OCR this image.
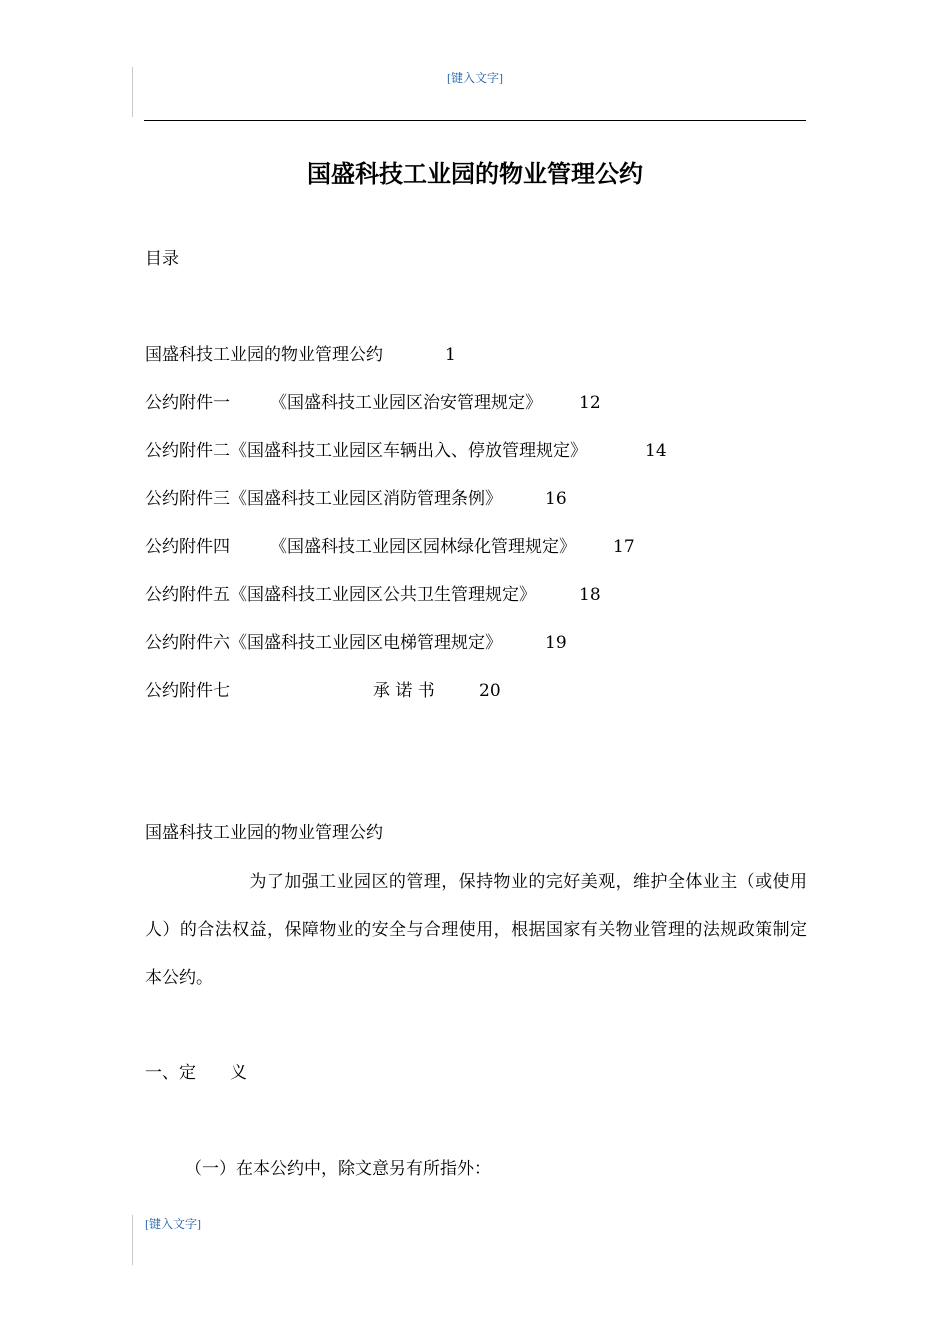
[键入文字]
国盛科技工业园的物业管理公约
目录
国盛科技工业园的物业管理公约	1
公约附件一 《国盛科技工业园区治安管理规定》 12
公约附件二《国盛科技工业园区车辆出入、停放管理规定》	14
公约附件三《国盛科技工业园区消防管理条例》	16
公约附件四 《国盛科技工业园区园林绿化管理规定》 17
公约附件五《国盛科技工业园区公共卫生管理规定》	18
公约附件六《国盛科技工业园区电梯管理规定》	19
公约附件七	承 诺 书	20
国盛科技工业园的物业管理公约
为了加强工业园区的管理，保持物业的完好美观，维护全体业主（或使用人）的合法权益，保障物业的安全与合理使用，根据国家有关物业管理的法规政策制定本公约。
一、定　　义
（一）在本公约中，除文意另有所指外：
[键入文字]
